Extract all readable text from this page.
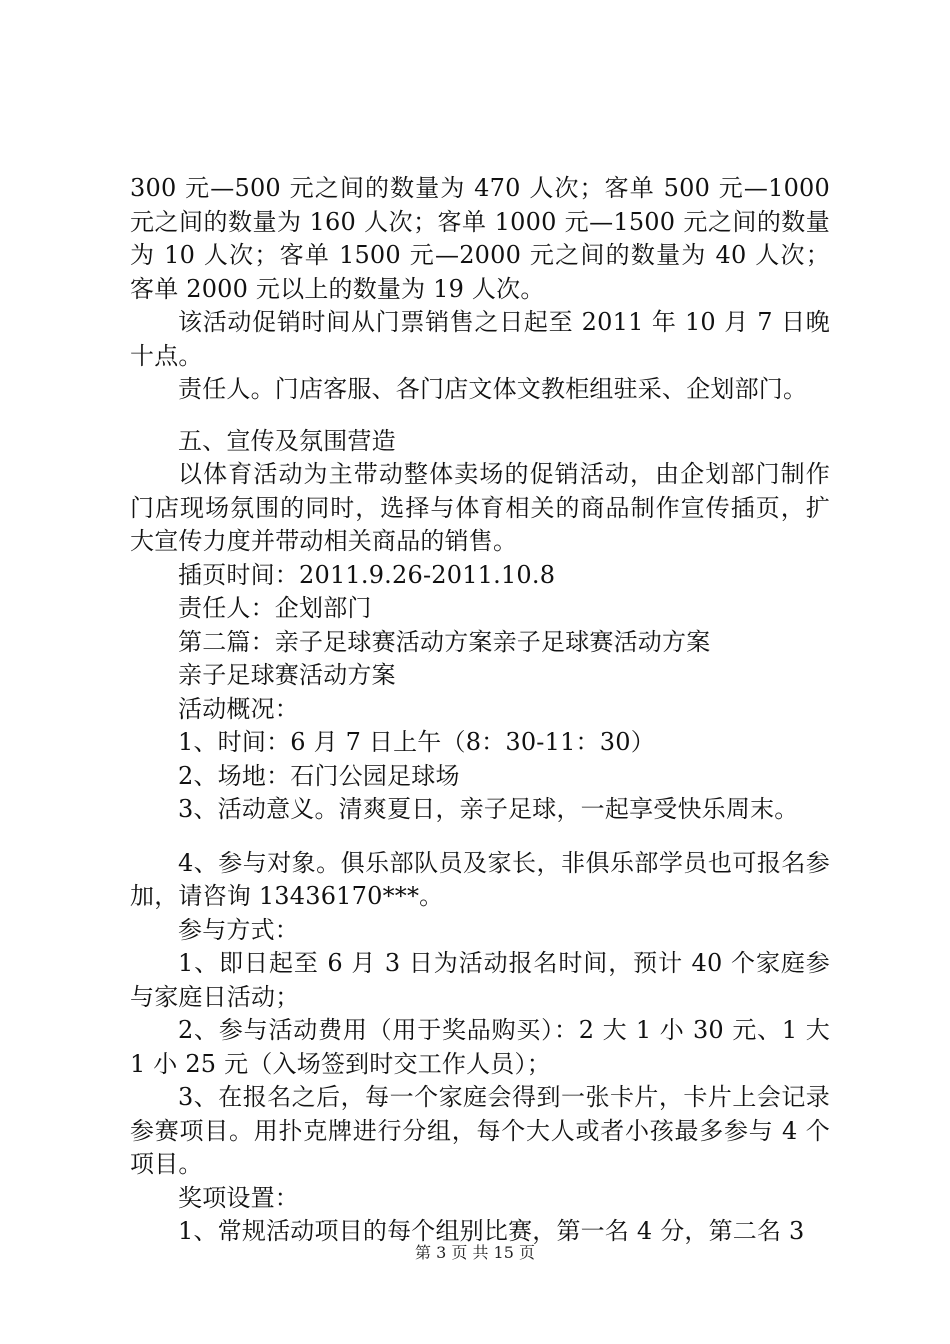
300 元—500 元之间的数量为 470 人次；客单 500 元—1000 元之间的数量为 160 人次；客单 1000 元—1500 元之间的数量为 10 人次；客单 1500 元—2000 元之间的数量为 40 人次；客单 2000 元以上的数量为 19 人次。

该活动促销时间从门票销售之日起至 2011 年 10 月 7 日晚十点。

责任人。门店客服、各门店文体文教柜组驻采、企划部门。

五、宣传及氛围营造

以体育活动为主带动整体卖场的促销活动，由企划部门制作门店现场氛围的同时，选择与体育相关的商品制作宣传插页，扩大宣传力度并带动相关商品的销售。

插页时间：2011.9.26-2011.10.8

责任人：企划部门

第二篇：亲子足球赛活动方案亲子足球赛活动方案

亲子足球赛活动方案

活动概况：

1、时间：6 月 7 日上午（8：30-11：30）

2、场地：石门公园足球场

3、活动意义。清爽夏日，亲子足球，一起享受快乐周末。

4、参与对象。俱乐部队员及家长，非俱乐部学员也可报名参加，请咨询 13436170***。

参与方式：

1、即日起至 6 月 3 日为活动报名时间，预计 40 个家庭参与家庭日活动；

2、参与活动费用（用于奖品购买）：2 大 1 小 30 元、1 大 1 小 25 元（入场签到时交工作人员）；

3、在报名之后，每一个家庭会得到一张卡片，卡片上会记录参赛项目。用扑克牌进行分组，每个大人或者小孩最多参与 4 个项目。

奖项设置：

1、常规活动项目的每个组别比赛，第一名 4 分，第二名 3

第 3 页 共 15 页
